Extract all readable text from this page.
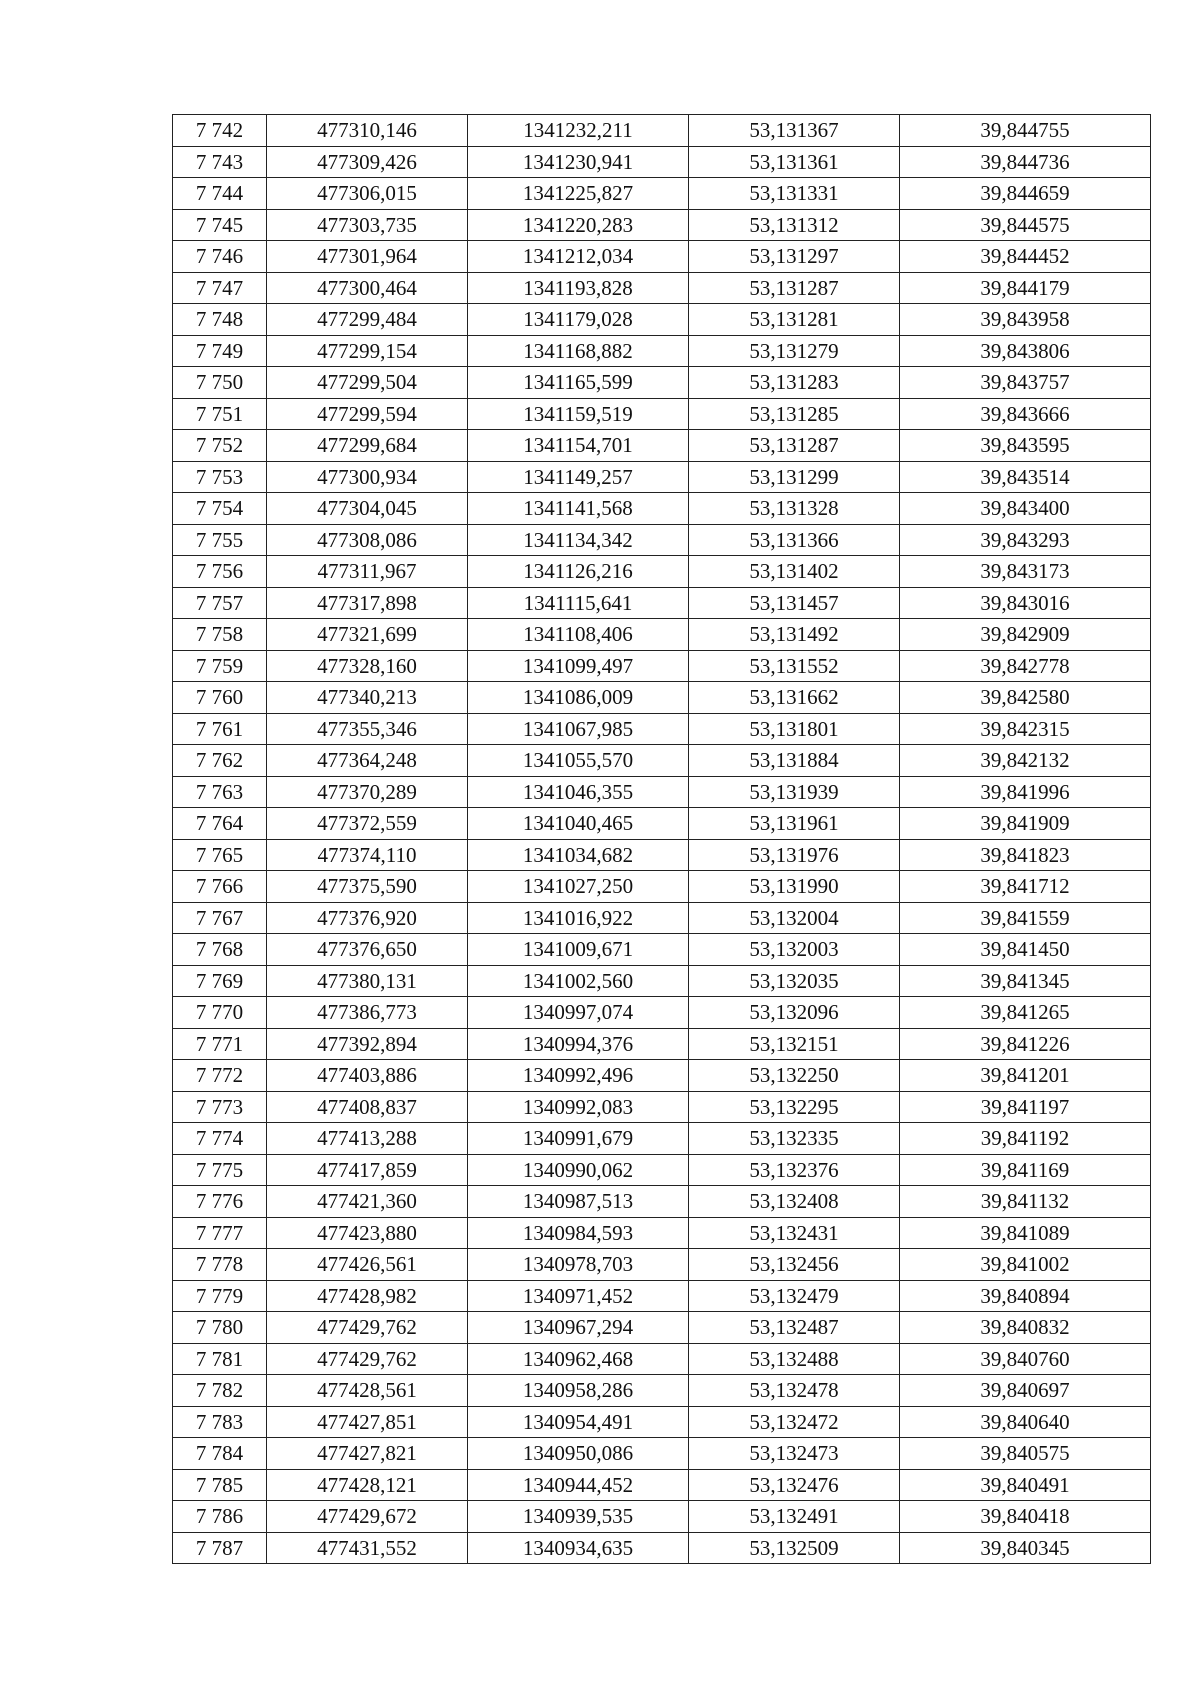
7 742	477310,146	1341232,211	53,131367	39,844755
7 743	477309,426	1341230,941	53,131361	39,844736
7 744	477306,015	1341225,827	53,131331	39,844659
7 745	477303,735	1341220,283	53,131312	39,844575
7 746	477301,964	1341212,034	53,131297	39,844452
7 747	477300,464	1341193,828	53,131287	39,844179
7 748	477299,484	1341179,028	53,131281	39,843958
7 749	477299,154	1341168,882	53,131279	39,843806
7 750	477299,504	1341165,599	53,131283	39,843757
7 751	477299,594	1341159,519	53,131285	39,843666
7 752	477299,684	1341154,701	53,131287	39,843595
7 753	477300,934	1341149,257	53,131299	39,843514
7 754	477304,045	1341141,568	53,131328	39,843400
7 755	477308,086	1341134,342	53,131366	39,843293
7 756	477311,967	1341126,216	53,131402	39,843173
7 757	477317,898	1341115,641	53,131457	39,843016
7 758	477321,699	1341108,406	53,131492	39,842909
7 759	477328,160	1341099,497	53,131552	39,842778
7 760	477340,213	1341086,009	53,131662	39,842580
7 761	477355,346	1341067,985	53,131801	39,842315
7 762	477364,248	1341055,570	53,131884	39,842132
7 763	477370,289	1341046,355	53,131939	39,841996
7 764	477372,559	1341040,465	53,131961	39,841909
7 765	477374,110	1341034,682	53,131976	39,841823
7 766	477375,590	1341027,250	53,131990	39,841712
7 767	477376,920	1341016,922	53,132004	39,841559
7 768	477376,650	1341009,671	53,132003	39,841450
7 769	477380,131	1341002,560	53,132035	39,841345
7 770	477386,773	1340997,074	53,132096	39,841265
7 771	477392,894	1340994,376	53,132151	39,841226
7 772	477403,886	1340992,496	53,132250	39,841201
7 773	477408,837	1340992,083	53,132295	39,841197
7 774	477413,288	1340991,679	53,132335	39,841192
7 775	477417,859	1340990,062	53,132376	39,841169
7 776	477421,360	1340987,513	53,132408	39,841132
7 777	477423,880	1340984,593	53,132431	39,841089
7 778	477426,561	1340978,703	53,132456	39,841002
7 779	477428,982	1340971,452	53,132479	39,840894
7 780	477429,762	1340967,294	53,132487	39,840832
7 781	477429,762	1340962,468	53,132488	39,840760
7 782	477428,561	1340958,286	53,132478	39,840697
7 783	477427,851	1340954,491	53,132472	39,840640
7 784	477427,821	1340950,086	53,132473	39,840575
7 785	477428,121	1340944,452	53,132476	39,840491
7 786	477429,672	1340939,535	53,132491	39,840418
7 787	477431,552	1340934,635	53,132509	39,840345
